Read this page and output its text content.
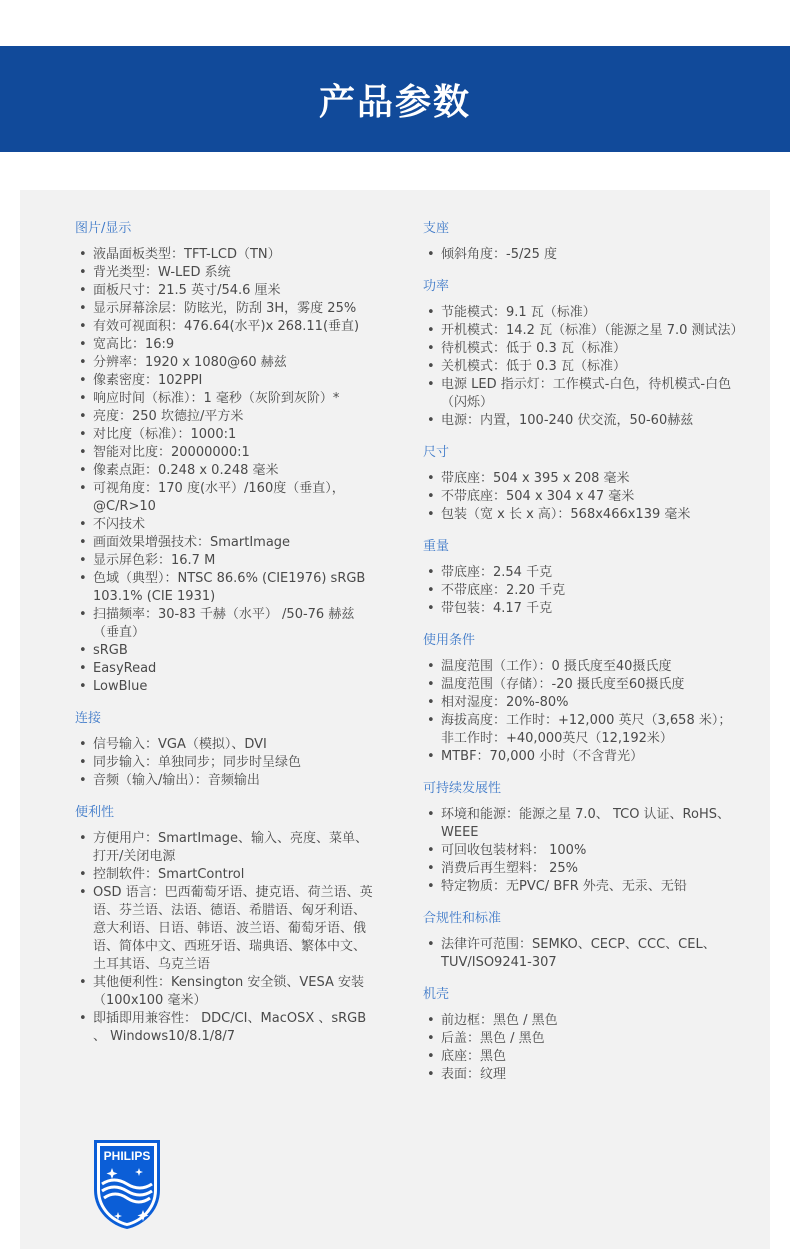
产品参数
图片/显示
• 液晶面板类型：TFT-LCD（TN）
• 背光类型：W-LED 系统
• 面板尺寸：21.5 英寸/54.6 厘米
• 显示屏幕涂层：防眩光，防刮 3H，雾度 25%
• 有效可视面积：476.64(水平)x 268.11(垂直)
• 宽高比：16:9
• 分辨率：1920 x 1080@60 赫兹
• 像素密度：102PPI
• 响应时间（标准）：1 毫秒（灰阶到灰阶）*
• 亮度：250 坎德拉/平方米
• 对比度（标准）：1000:1
• 智能对比度：20000000:1
• 像素点距：0.248 x 0.248 毫米
• 可视角度：170 度(水平）/160度（垂直），@C/R>10
• 不闪技术
• 画面效果增强技术：SmartImage
• 显示屏色彩：16.7 M
• 色域（典型）：NTSC 86.6% (CIE1976) sRGB 103.1% (CIE 1931)
• 扫描频率：30-83 千赫（水平） /50-76 赫兹（垂直）
• sRGB
• EasyRead
• LowBlue
连接
• 信号输入：VGA（模拟）、DVI
• 同步输入：单独同步；同步时呈绿色
• 音频（输入/输出）：音频输出
便利性
• 方便用户：SmartImage、输入、亮度、菜单、打开/关闭电源
• 控制软件：SmartControl
• OSD 语言：巴西葡萄牙语、捷克语、荷兰语、英语、芬兰语、法语、德语、希腊语、匈牙利语、意大利语、日语、韩语、波兰语、葡萄牙语、俄语、简体中文、西班牙语、瑞典语、繁体中文、土耳其语、乌克兰语
• 其他便利性：Kensington 安全锁、VESA 安装（100x100 毫米）
• 即插即用兼容性： DDC/CI、MacOSX 、sRGB 、 Windows10/8.1/8/7
支座
• 倾斜角度：-5/25 度
功率
• 节能模式：9.1 瓦（标准）
• 开机模式：14.2 瓦（标准）（能源之星 7.0 测试法）
• 待机模式：低于 0.3 瓦（标准）
• 关机模式：低于 0.3 瓦（标准）
• 电源 LED 指示灯：工作模式-白色，待机模式-白色（闪烁）
• 电源：内置，100-240 伏交流，50-60赫兹
尺寸
• 带底座：504 x 395 x 208 毫米
• 不带底座：504 x 304 x 47 毫米
• 包装（宽 x 长 x 高）：568x466x139 毫米
重量
• 带底座：2.54 千克
• 不带底座：2.20 千克
• 带包装：4.17 千克
使用条件
• 温度范围（工作）：0 摄氏度至40摄氏度
• 温度范围（存储）：-20 摄氏度至60摄氏度
• 相对湿度：20%-80%
• 海拔高度：工作时：+12,000 英尺（3,658 米）；非工作时：+40,000英尺（12,192米）
• MTBF：70,000 小时（不含背光）
可持续发展性
• 环境和能源：能源之星 7.0、 TCO 认证、RoHS、 WEEE
• 可回收包装材料： 100%
• 消费后再生塑料： 25%
• 特定物质：无PVC/ BFR 外壳、无汞、无铅
合规性和标准
• 法律许可范围：SEMKO、CECP、CCC、CEL、TUV/ISO9241-307
机壳
• 前边框：黑色 / 黑色
• 后盖：黑色 / 黑色
• 底座：黑色
• 表面：纹理
PHILIPS
